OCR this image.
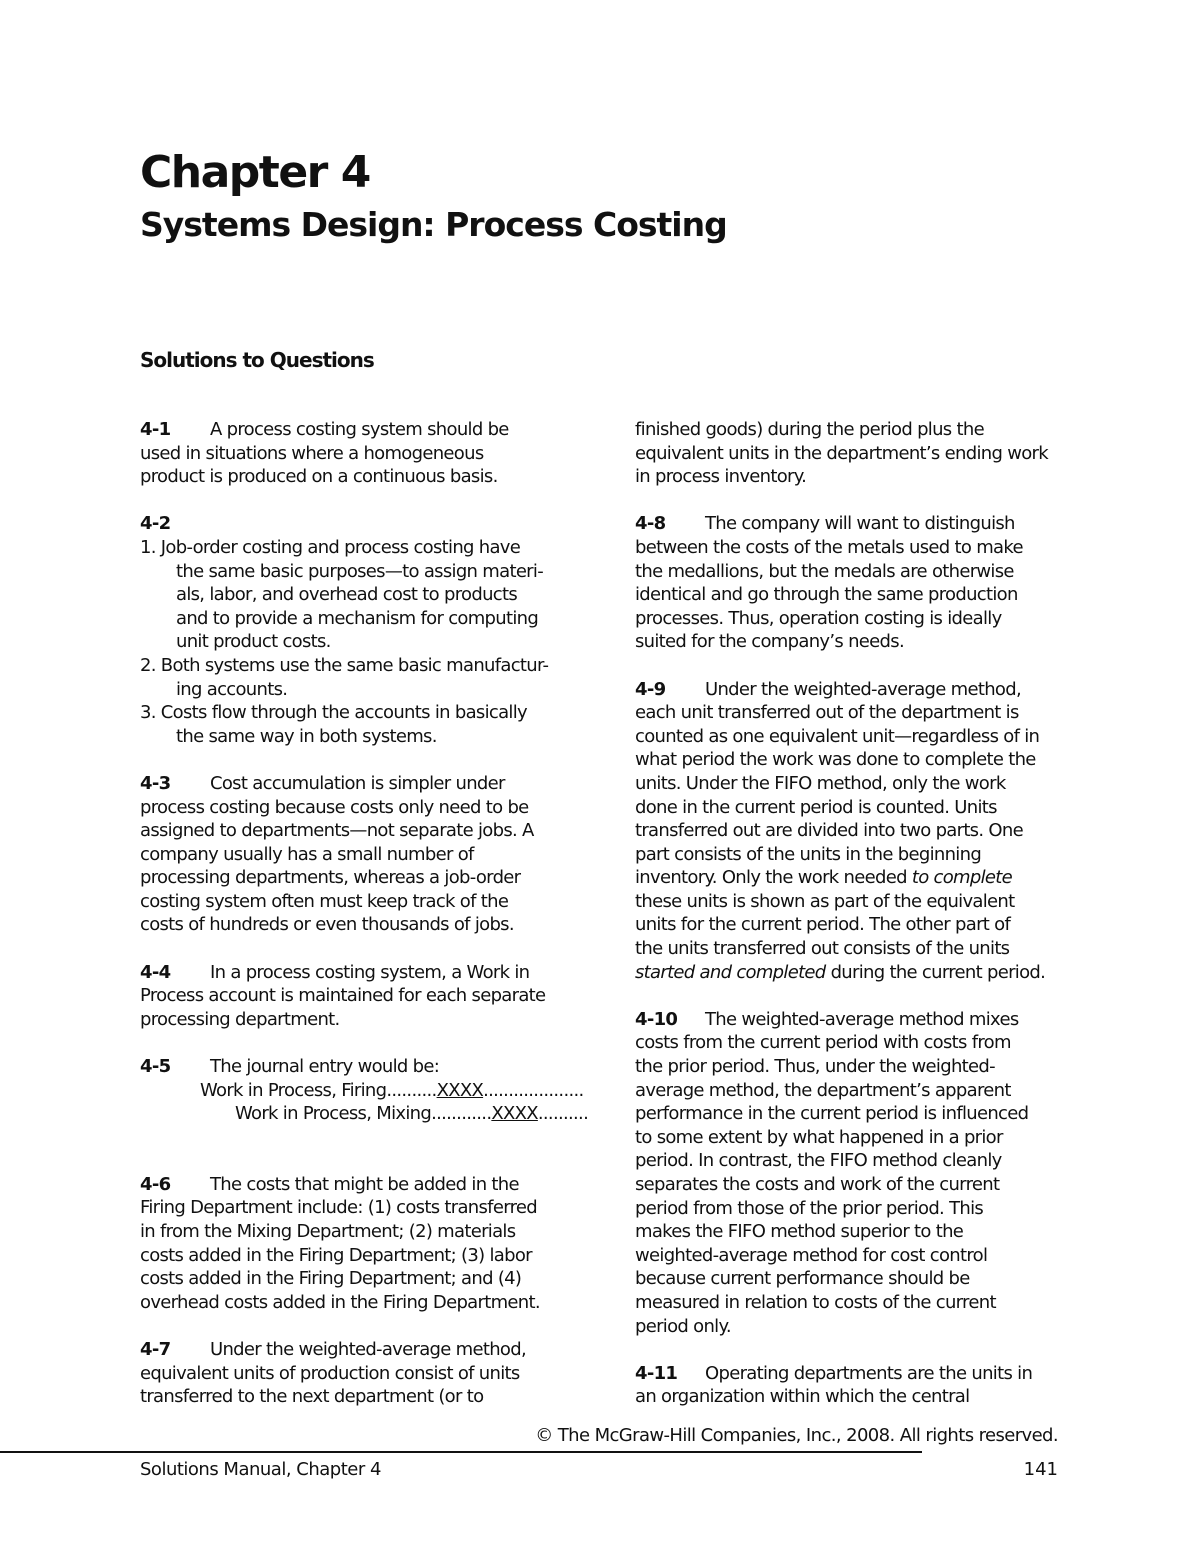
Chapter 4
Systems Design: Process Costing
Solutions to Questions

4-1 A process costing system should be

used in situations where a homogeneous

product is produced on a continuous basis.

4-2

1. Job-order costing and process costing have

the same basic purposes—to assign materi-

als, labor, and overhead cost to products

and to provide a mechanism for computing

unit product costs.

2. Both systems use the same basic manufactur-

ing accounts.

3. Costs flow through the accounts in basically

the same way in both systems.

4-3 Cost accumulation is simpler under

process costing because costs only need to be

assigned to departments—not separate jobs. A

company usually has a small number of

processing departments, whereas a job-order

costing system often must keep track of the

costs of hundreds or even thousands of jobs.

4-4 In a process costing system, a Work in

Process account is maintained for each separate

processing department.

4-5 The journal entry would be:

Work in Process, Firing..........XXXX....................

Work in Process, Mixing............XXXX..........

4-6 The costs that might be added in the

Firing Department include: (1) costs transferred

in from the Mixing Department; (2) materials

costs added in the Firing Department; (3) labor

costs added in the Firing Department; and (4)

overhead costs added in the Firing Department.

4-7 Under the weighted-average method,

equivalent units of production consist of units

transferred to the next department (or to

finished goods) during the period plus the

equivalent units in the department’s ending work

in process inventory.

4-8 The company will want to distinguish

between the costs of the metals used to make

the medallions, but the medals are otherwise

identical and go through the same production

processes. Thus, operation costing is ideally

suited for the company’s needs.

4-9 Under the weighted-average method,

each unit transferred out of the department is

counted as one equivalent unit—regardless of in

what period the work was done to complete the

units. Under the FIFO method, only the work

done in the current period is counted. Units

transferred out are divided into two parts. One

part consists of the units in the beginning

inventory. Only the work needed to complete

these units is shown as part of the equivalent

units for the current period. The other part of

the units transferred out consists of the units

started and completed during the current period.

4-10 The weighted-average method mixes

costs from the current period with costs from

the prior period. Thus, under the weighted-

average method, the department’s apparent

performance in the current period is influenced

to some extent by what happened in a prior

period. In contrast, the FIFO method cleanly

separates the costs and work of the current

period from those of the prior period. This

makes the FIFO method superior to the

weighted-average method for cost control

because current performance should be

measured in relation to costs of the current

period only.

4-11 Operating departments are the units in

an organization within which the central

© The McGraw-Hill Companies, Inc., 2008. All rights reserved.
Solutions Manual, Chapter 4	141
